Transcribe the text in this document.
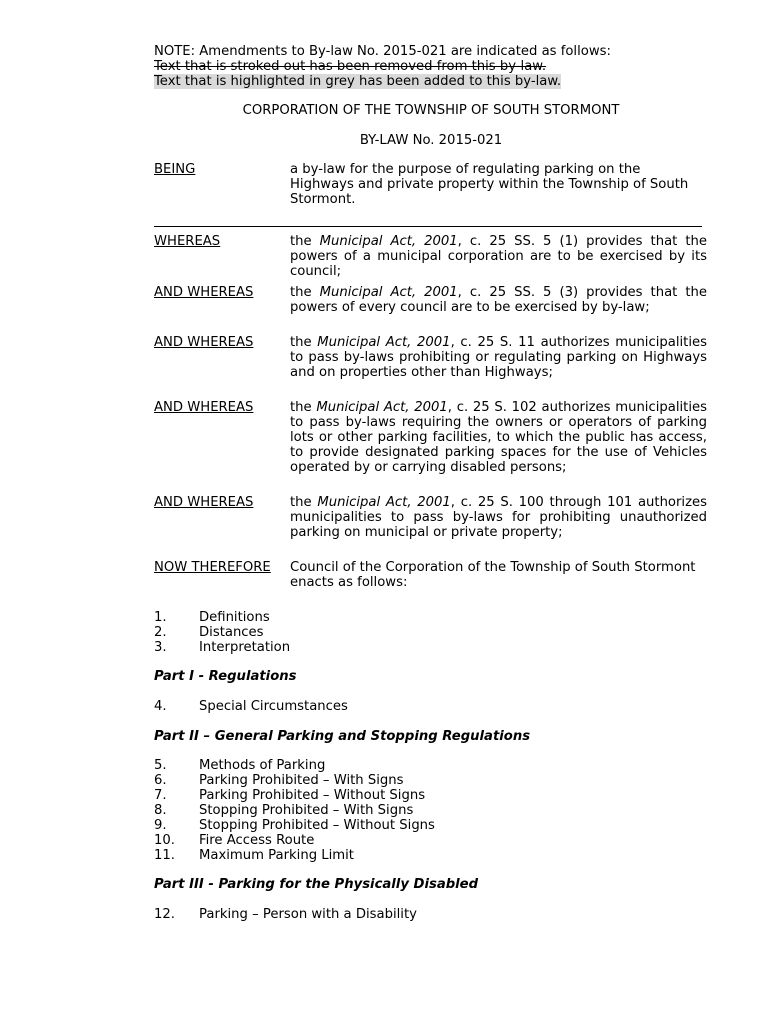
NOTE: Amendments to By-law No. 2015-021 are indicated as follows:
Text that is stroked out has been removed from this by-law.
Text that is highlighted in grey has been added to this by-law.
CORPORATION OF THE TOWNSHIP OF SOUTH STORMONT
BY-LAW No. 2015-021
BEING	a by-law for the purpose of regulating parking on the Highways and private property within the Township of South Stormont.
WHEREAS	the Municipal Act, 2001, c. 25 SS. 5 (1) provides that the powers of a municipal corporation are to be exercised by its council;
AND WHEREAS	the Municipal Act, 2001, c. 25 SS. 5 (3) provides that the powers of every council are to be exercised by by-law;
AND WHEREAS	the Municipal Act, 2001, c. 25 S. 11 authorizes municipalities to pass by-laws prohibiting or regulating parking on Highways and on properties other than Highways;
AND WHEREAS	the Municipal Act, 2001, c. 25 S. 102 authorizes municipalities to pass by-laws requiring the owners or operators of parking lots or other parking facilities, to which the public has access, to provide designated parking spaces for the use of Vehicles operated by or carrying disabled persons;
AND WHEREAS	the Municipal Act, 2001, c. 25 S. 100 through 101 authorizes municipalities to pass by-laws for prohibiting unauthorized parking on municipal or private property;
NOW THEREFORE Council of the Corporation of the Township of South Stormont enacts as follows:
1. Definitions
2. Distances
3. Interpretation
Part I - Regulations
4. Special Circumstances
Part II – General Parking and Stopping Regulations
5. Methods of Parking
6. Parking Prohibited – With Signs
7. Parking Prohibited – Without Signs
8. Stopping Prohibited – With Signs
9. Stopping Prohibited – Without Signs
10. Fire Access Route
11. Maximum Parking Limit
Part III - Parking for the Physically Disabled
12. Parking – Person with a Disability
